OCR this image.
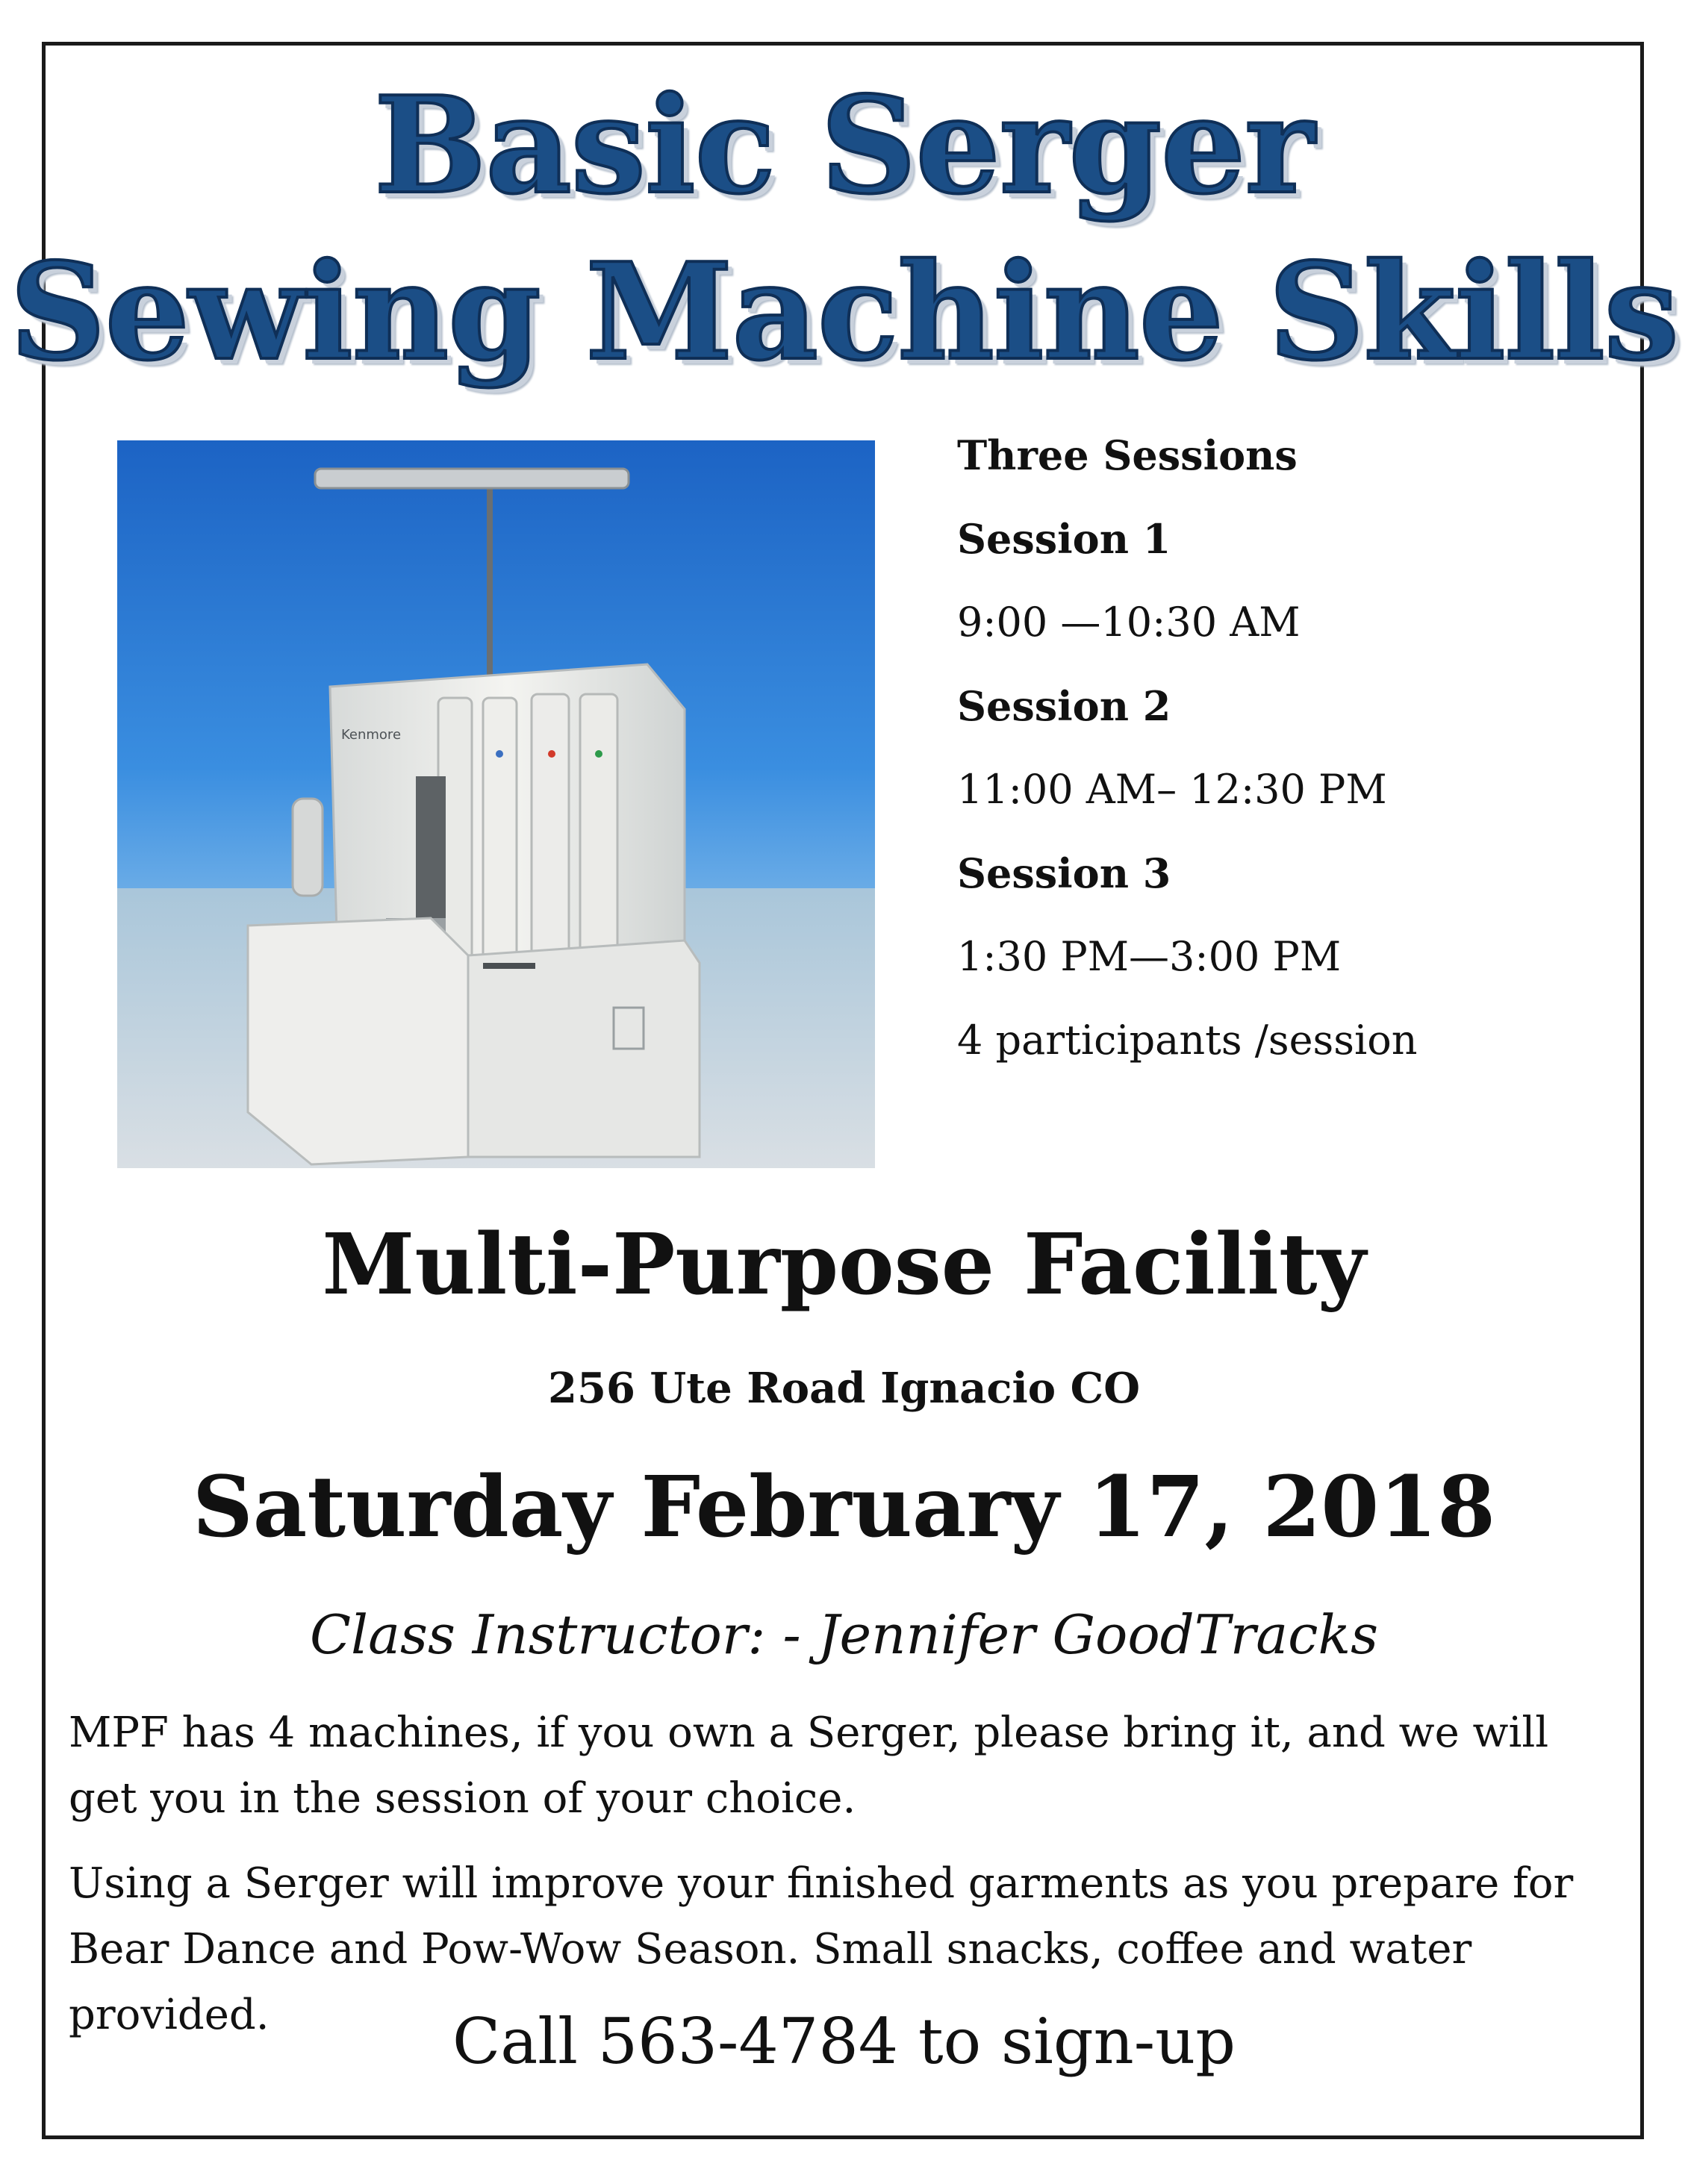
Basic Serger
Sewing Machine Skills
Kenmore
Three Sessions
Session 1
9:00 —10:30 AM
Session 2
11:00 AM– 12:30 PM
Session 3
1:30 PM—3:00 PM
4 participants /session
Multi-Purpose Facility
256 Ute Road Ignacio CO
Saturday February 17, 2018
Class Instructor: - Jennifer GoodTracks
MPF has 4 machines, if you own a Serger, please bring it, and we will get you in the session of your choice.
Using a Serger will improve your finished garments as you prepare for Bear Dance and Pow-Wow Season. Small snacks, coffee and water provided.	Call 563-4784 to sign-up
